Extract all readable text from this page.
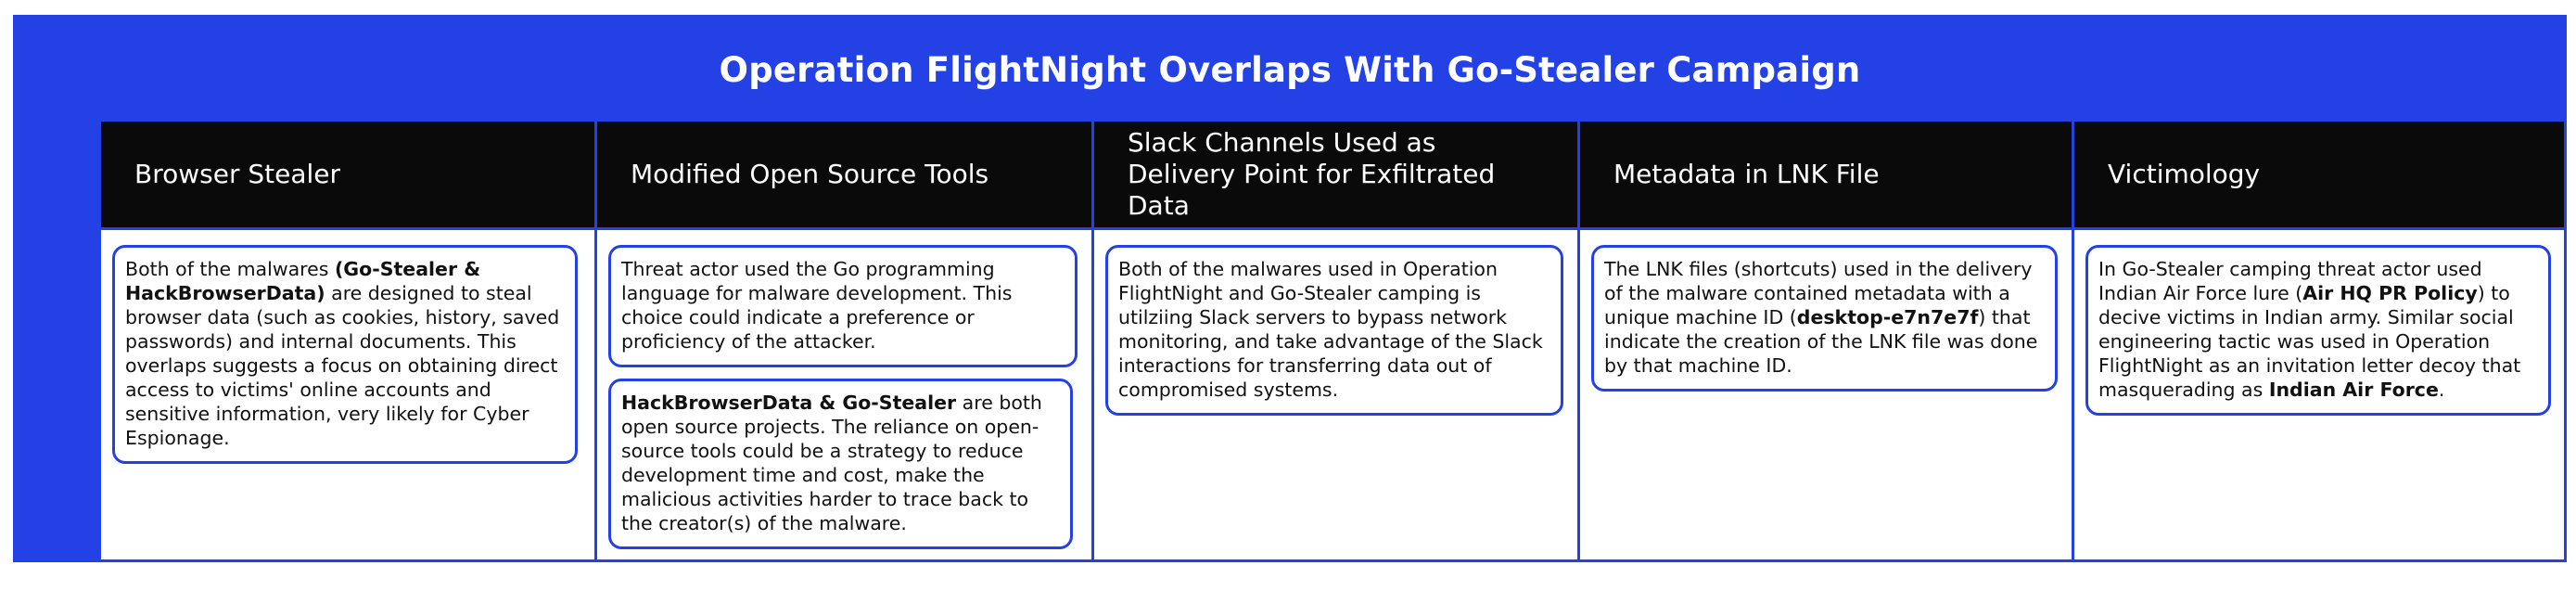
Operation FlightNight Overlaps With Go-Stealer Campaign
Browser Stealer
Both of the malwares (Go-Stealer & HackBrowserData) are designed to steal browser data (such as cookies, history, saved passwords) and internal documents. This overlaps suggests a focus on obtaining direct access to victims' online accounts and sensitive information, very likely for Cyber Espionage.
Modified Open Source Tools
Threat actor used the Go programming language for malware development. This choice could indicate a preference or proficiency of the attacker.
HackBrowserData & Go-Stealer are both open source projects. The reliance on open-source tools could be a strategy to reduce development time and cost, make the malicious activities harder to trace back to the creator(s) of the malware.
Slack Channels Used as Delivery Point for Exfiltrated Data
Both of the malwares used in Operation FlightNight and Go-Stealer camping is utilziing Slack servers to bypass network monitoring, and take advantage of the Slack interactions for transferring data out of compromised systems.
Metadata in LNK File
The LNK files (shortcuts) used in the delivery of the malware contained metadata with a unique machine ID (desktop-e7n7e7f) that indicate the creation of the LNK file was done by that machine ID.
Victimology
In Go-Stealer camping threat actor used Indian Air Force lure (Air HQ PR Policy) to decive victims in Indian army. Similar social engineering tactic was used in Operation FlightNight as an invitation letter decoy that masquerading as Indian Air Force.
